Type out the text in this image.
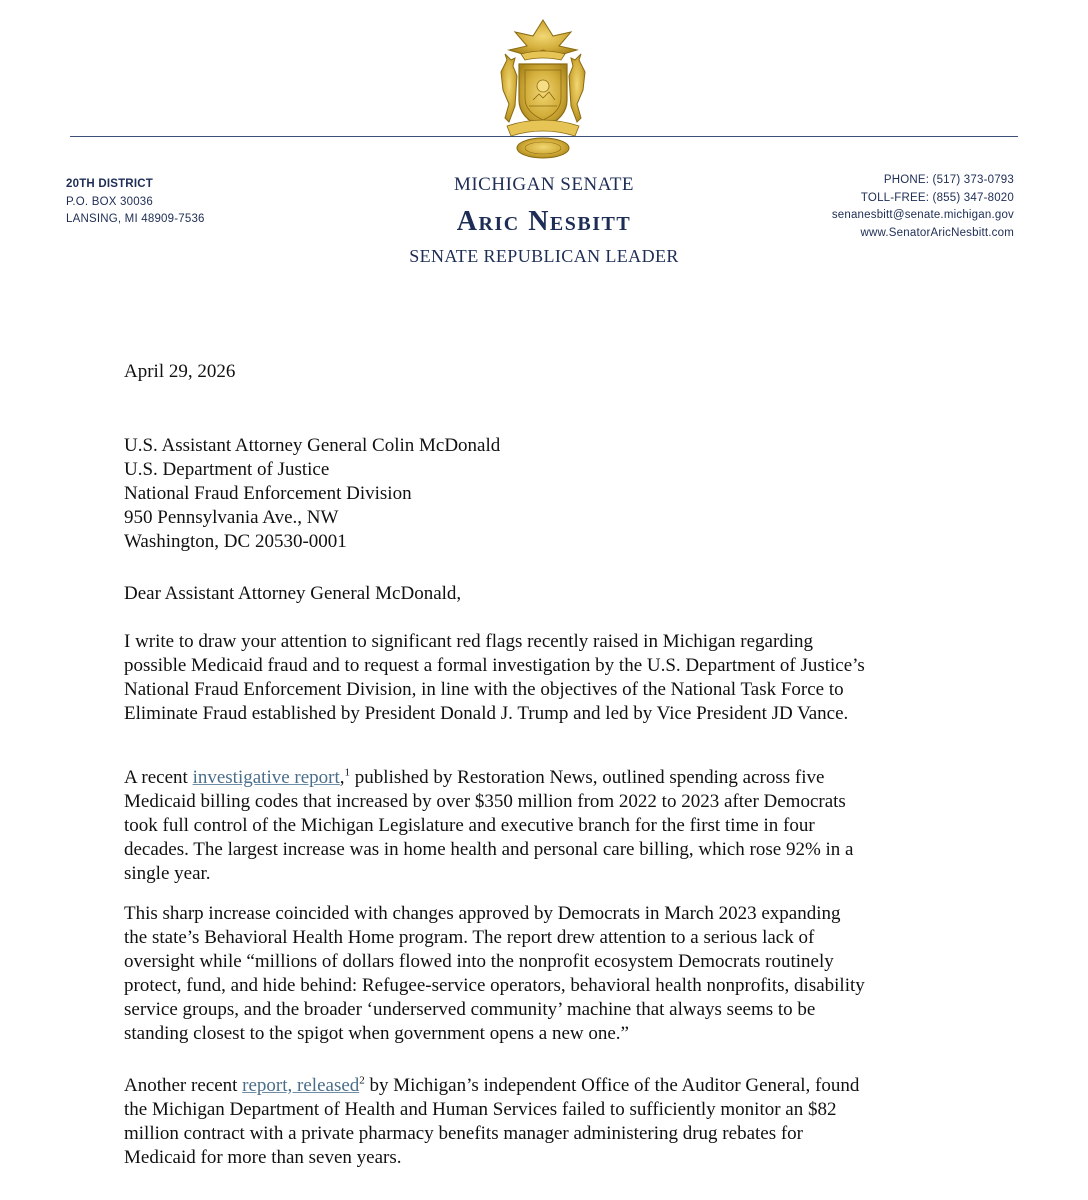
20TH DISTRICT
P.O. BOX 30036
LANSING, MI 48909-7536
MICHIGAN SENATE
Aric Nesbitt
SENATE REPUBLICAN LEADER
PHONE: (517) 373-0793
TOLL-FREE: (855) 347-8020
senanesbitt@senate.michigan.gov
www.SenatorAricNesbitt.com
April 29, 2026
U.S. Assistant Attorney General Colin McDonald
U.S. Department of Justice
National Fraud Enforcement Division
950 Pennsylvania Ave., NW
Washington, DC 20530-0001
Dear Assistant Attorney General McDonald,
I write to draw your attention to significant red flags recently raised in Michigan regarding
possible Medicaid fraud and to request a formal investigation by the U.S. Department of Justice’s
National Fraud Enforcement Division, in line with the objectives of the National Task Force to
Eliminate Fraud established by President Donald J. Trump and led by Vice President JD Vance.
A recent investigative report,$^1$ published by Restoration News, outlined spending across five
Medicaid billing codes that increased by over $350 million from 2022 to 2023 after Democrats
took full control of the Michigan Legislature and executive branch for the first time in four
decades. The largest increase was in home health and personal care billing, which rose 92% in a
single year.
This sharp increase coincided with changes approved by Democrats in March 2023 expanding
the state’s Behavioral Health Home program. The report drew attention to a serious lack of
oversight while “millions of dollars flowed into the nonprofit ecosystem Democrats routinely
protect, fund, and hide behind: Refugee-service operators, behavioral health nonprofits, disability
service groups, and the broader ‘underserved community’ machine that always seems to be
standing closest to the spigot when government opens a new one.”
Another recent report, released$^2$ by Michigan’s independent Office of the Auditor General, found
the Michigan Department of Health and Human Services failed to sufficiently monitor an $82
million contract with a private pharmacy benefits manager administering drug rebates for
Medicaid for more than seven years.
